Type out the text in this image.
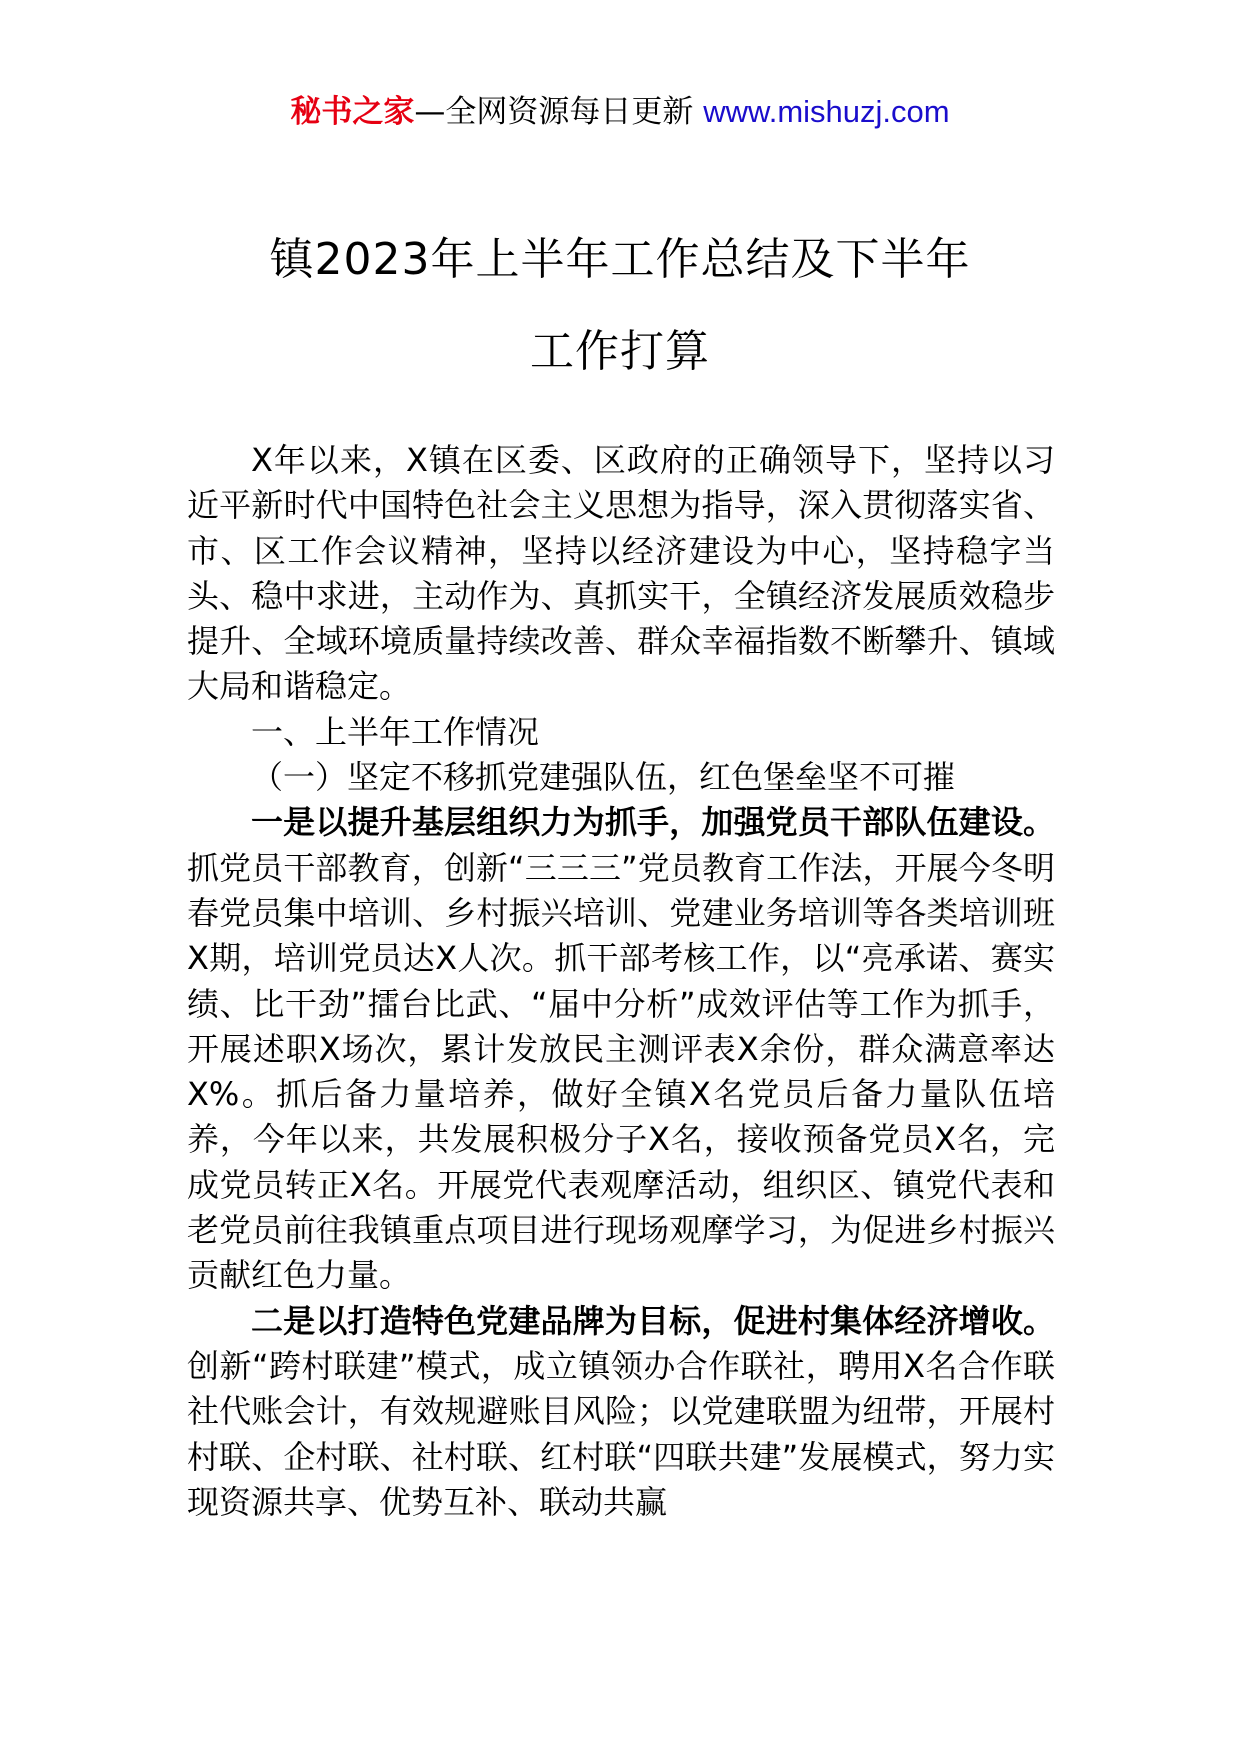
秘书之家—全网资源每日更新 www.mishuzj.com
镇2023年上半年工作总结及下半年
工作打算

X年以来，X镇在区委、区政府的正确领导下，坚持以习近平新时代中国特色社会主义思想为指导，深入贯彻落实省、市、区工作会议精神，坚持以经济建设为中心，坚持稳字当头、稳中求进，主动作为、真抓实干，全镇经济发展质效稳步提升、全域环境质量持续改善、群众幸福指数不断攀升、镇域大局和谐稳定。

一、上半年工作情况

（一）坚定不移抓党建强队伍，红色堡垒坚不可摧

一是以提升基层组织力为抓手，加强党员干部队伍建设。抓党员干部教育，创新“三三三”党员教育工作法，开展今冬明春党员集中培训、乡村振兴培训、党建业务培训等各类培训班X期，培训党员达X人次。抓干部考核工作，以“亮承诺、赛实绩、比干劲”擂台比武、“届中分析”成效评估等工作为抓手，开展述职X场次，累计发放民主测评表X余份，群众满意率达X%。抓后备力量培养，做好全镇X名党员后备力量队伍培养，今年以来，共发展积极分子X名，接收预备党员X名，完成党员转正X名。开展党代表观摩活动，组织区、镇党代表和老党员前往我镇重点项目进行现场观摩学习，为促进乡村振兴贡献红色力量。

二是以打造特色党建品牌为目标，促进村集体经济增收。创新“跨村联建”模式，成立镇领办合作联社，聘用X名合作联社代账会计，有效规避账目风险；以党建联盟为纽带，开展村村联、企村联、社村联、红村联“四联共建”发展模式，努力实现资源共享、优势互补、联动共赢
